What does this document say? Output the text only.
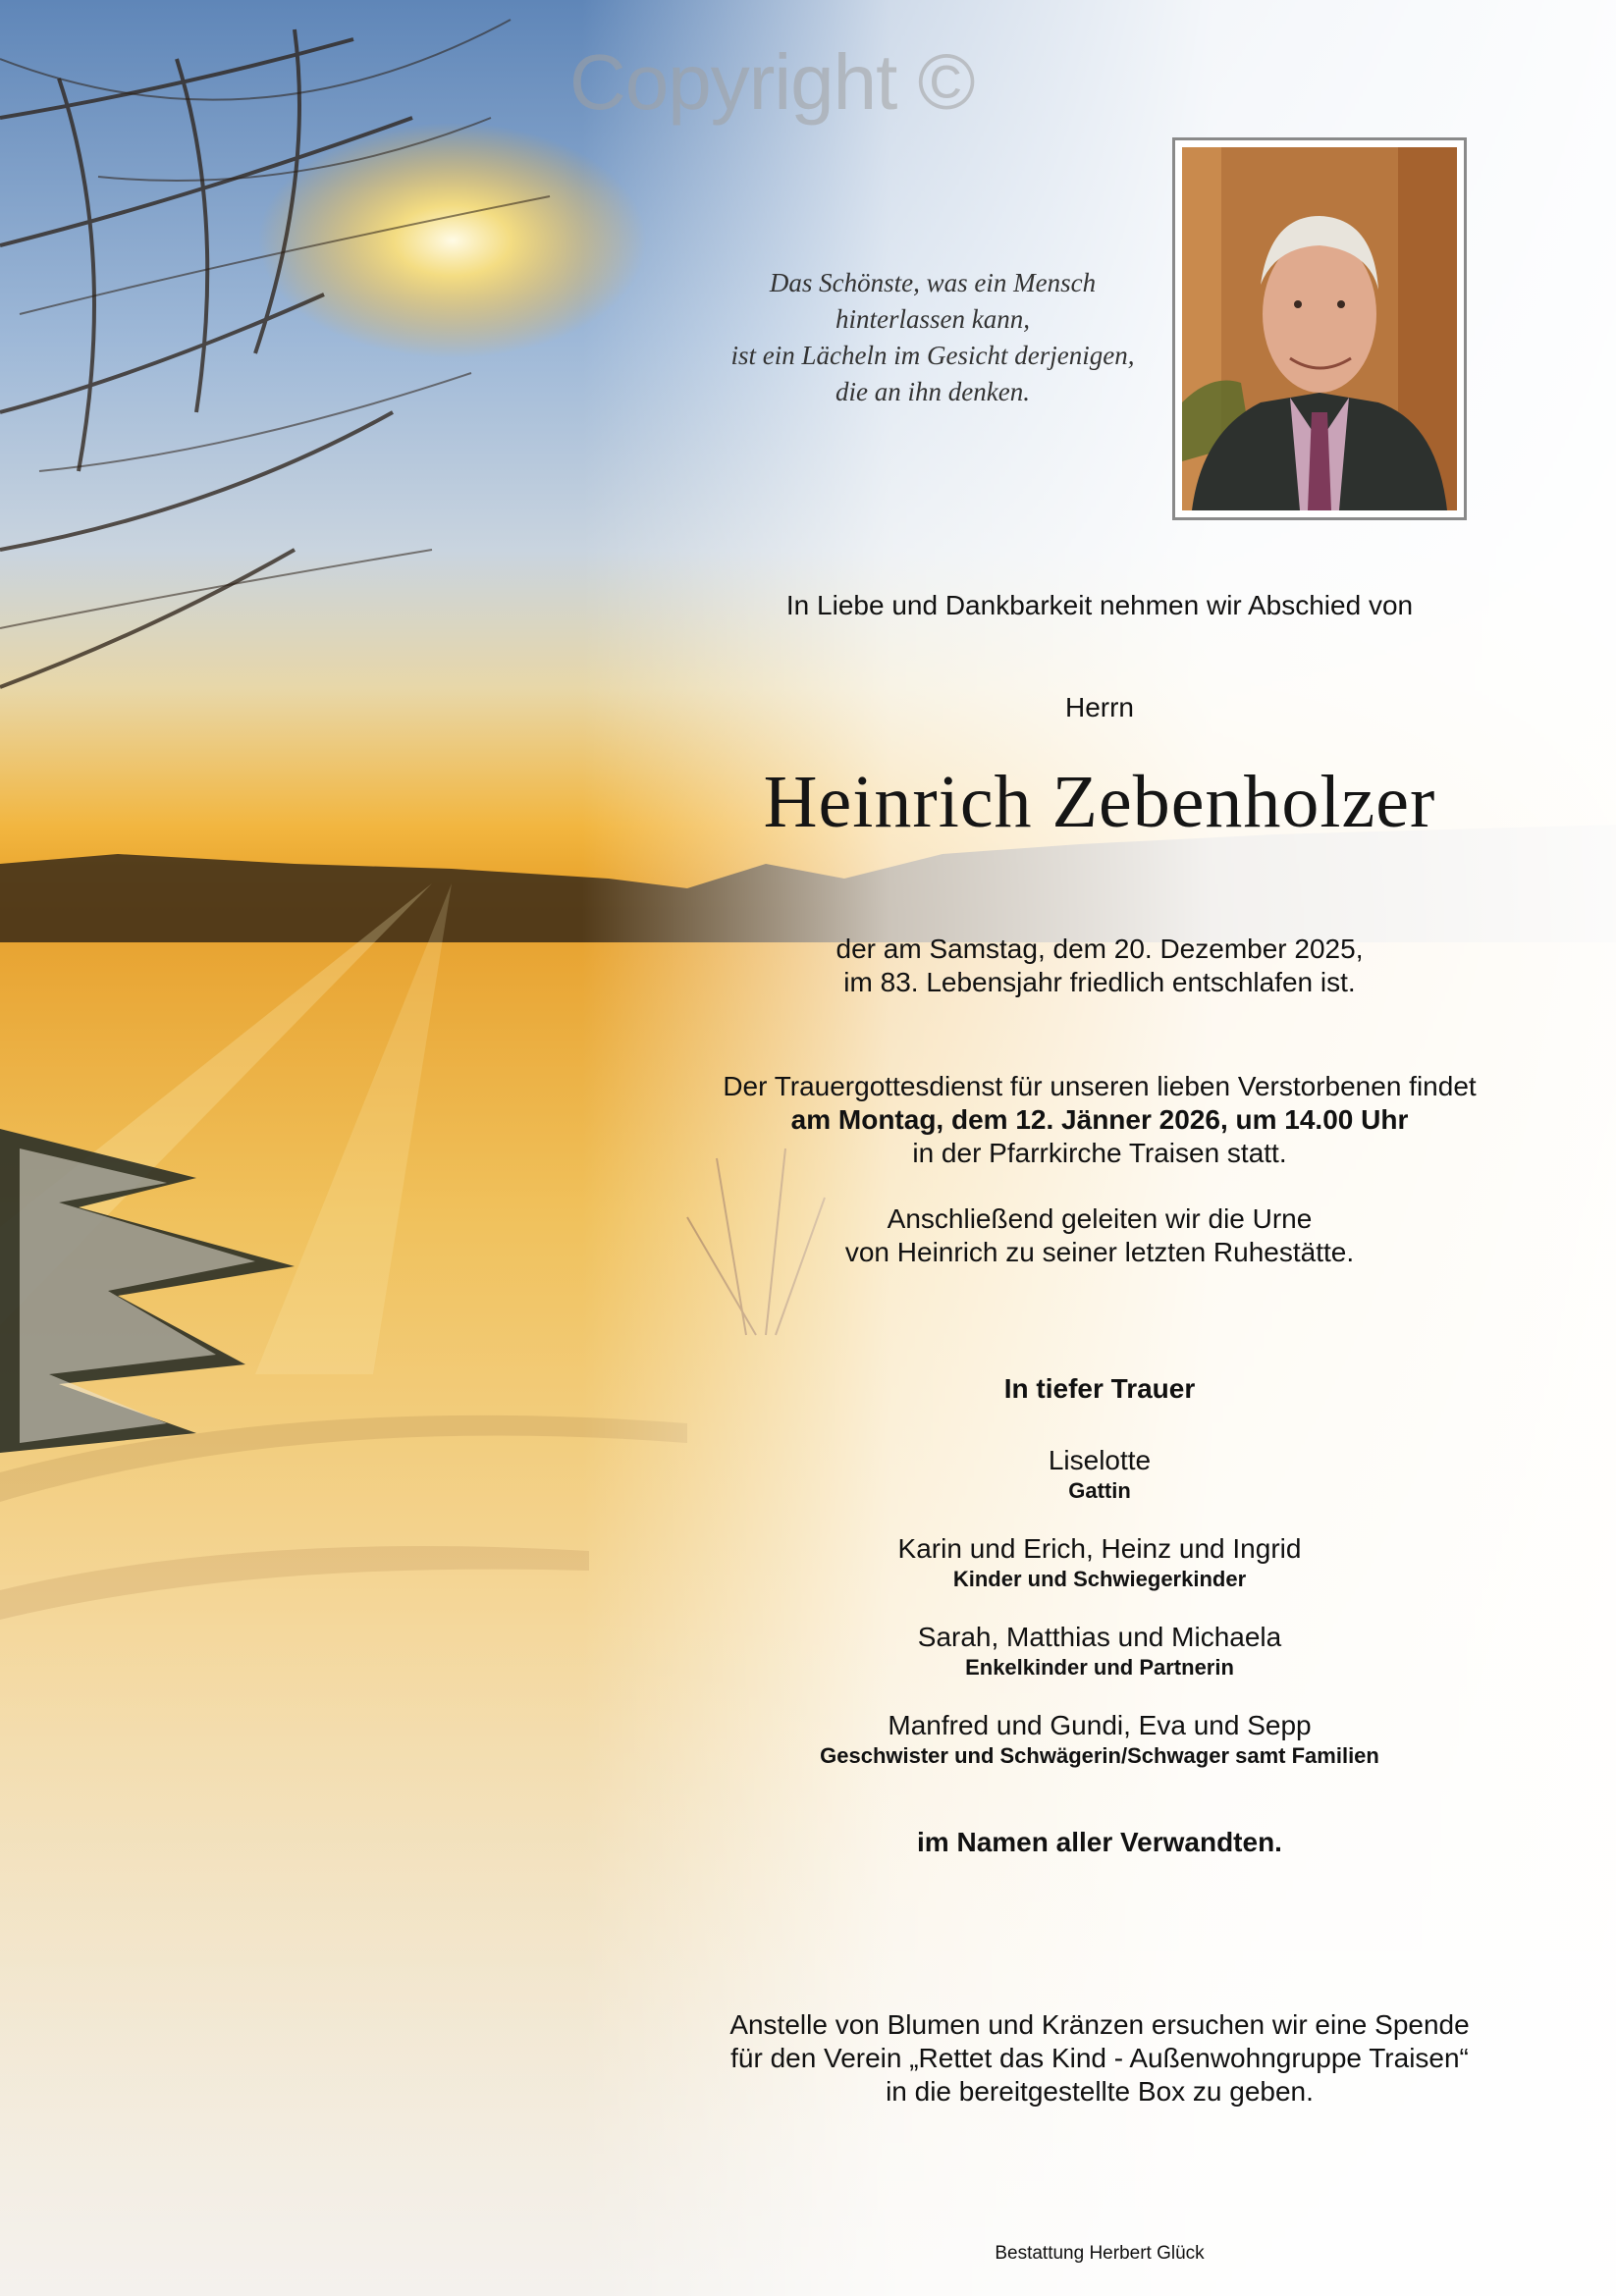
Copyright ©
Das Schönste, was ein Mensch
hinterlassen kann,
ist ein Lächeln im Gesicht derjenigen,
die an ihn denken.
In Liebe und Dankbarkeit nehmen wir Abschied von
Herrn
Heinrich Zebenholzer
der am Samstag, dem 20. Dezember 2025,
im 83. Lebensjahr friedlich entschlafen ist.
Der Trauergottesdienst für unseren lieben Verstorbenen findet
am Montag, dem 12. Jänner 2026, um 14.00 Uhr
in der Pfarrkirche Traisen statt.
Anschließend geleiten wir die Urne
von Heinrich zu seiner letzten Ruhestätte.
In tiefer Trauer
Liselotte
Gattin
Karin und Erich, Heinz und Ingrid
Kinder und Schwiegerkinder
Sarah, Matthias und Michaela
Enkelkinder und Partnerin
Manfred und Gundi, Eva und Sepp
Geschwister und Schwägerin/Schwager samt Familien
im Namen aller Verwandten.
Anstelle von Blumen und Kränzen ersuchen wir eine Spende
für den Verein „Rettet das Kind - Außenwohngruppe Traisen“
in die bereitgestellte Box zu geben.
Bestattung Herbert Glück
